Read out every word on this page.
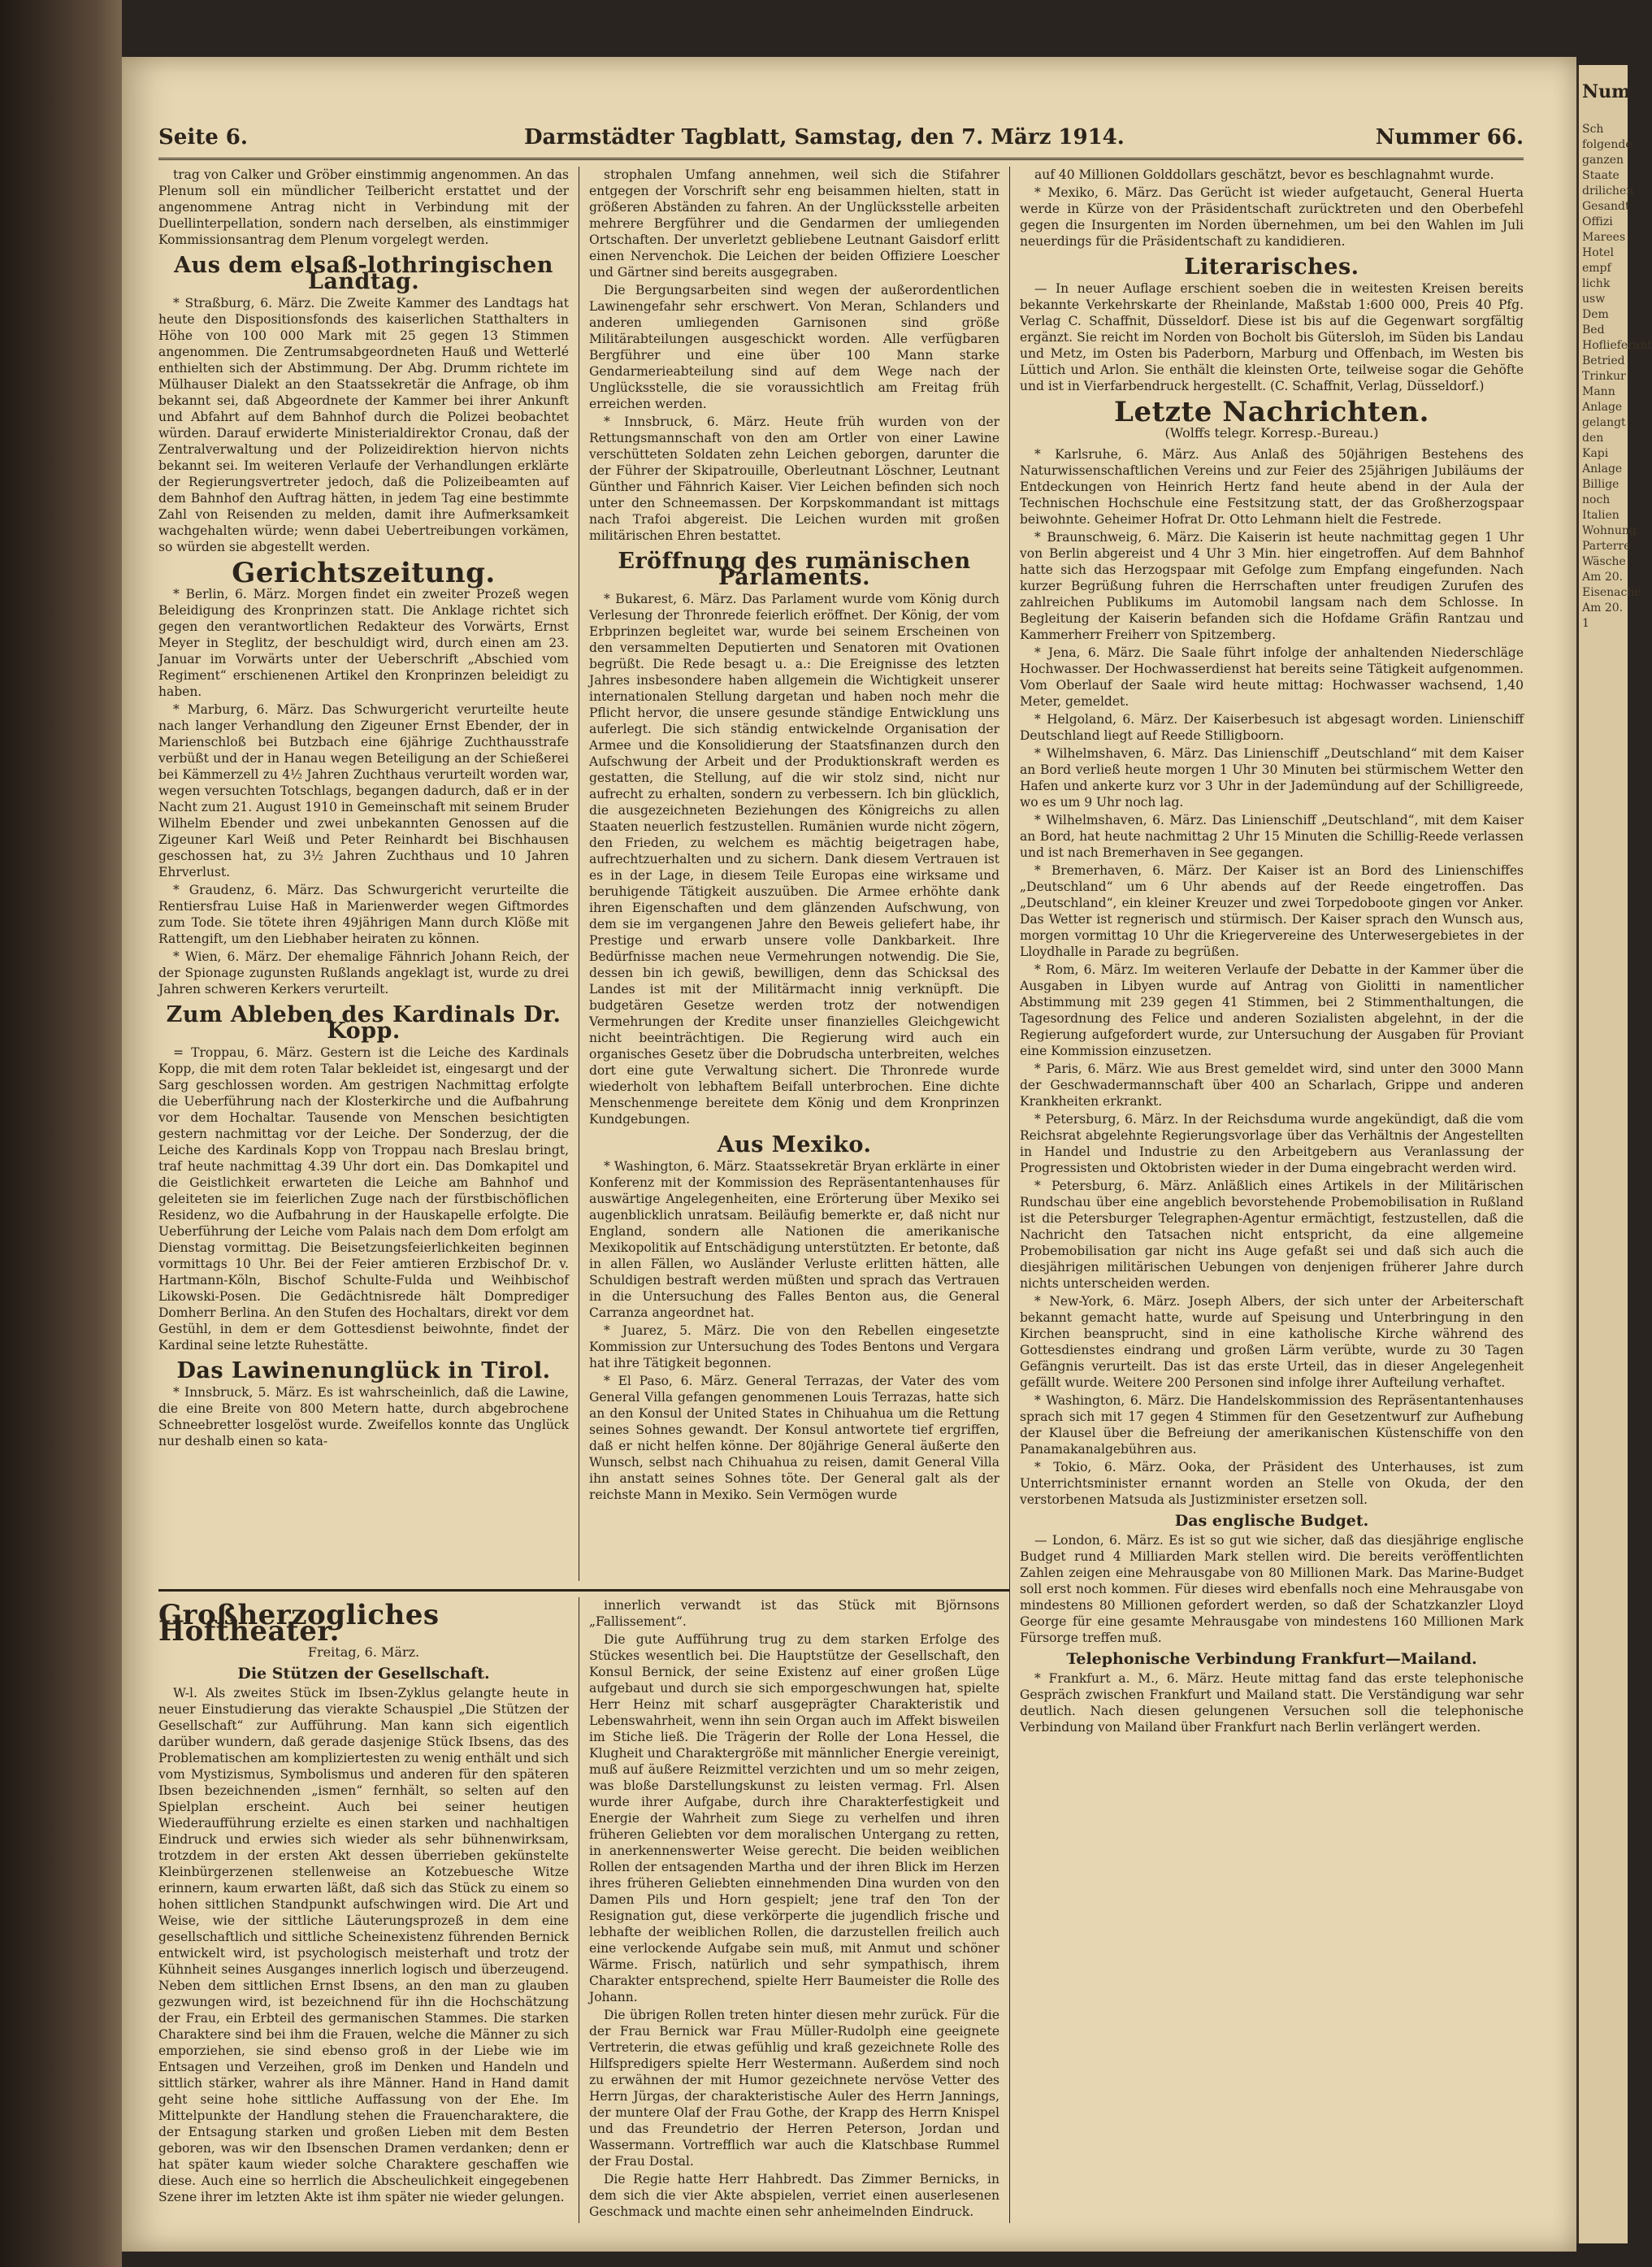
Seite 6.	Darmstädter Tagblatt, Samstag, den 7. März 1914.	Nummer 66.

trag von Calker und Gröber einstimmig angenommen. An das Plenum soll ein mündlicher Teilbericht erstattet und der angenommene Antrag nicht in Verbindung mit der Duellinterpellation, sondern nach derselben, als einstimmiger Kommissionsantrag dem Plenum vorgelegt werden.

Aus dem elsaß-lothringischen Landtag.

* Straßburg, 6. März. Die Zweite Kammer des Landtags hat heute den Dispositionsfonds des kaiserlichen Statthalters in Höhe von 100 000 Mark mit 25 gegen 13 Stimmen angenommen. Die Zentrumsabgeordneten Hauß und Wetterlé enthielten sich der Abstimmung. Der Abg. Drumm richtete im Mülhauser Dialekt an den Staatssekretär die Anfrage, ob ihm bekannt sei, daß Abgeordnete der Kammer bei ihrer Ankunft und Abfahrt auf dem Bahnhof durch die Polizei beobachtet würden. Darauf erwiderte Ministerialdirektor Cronau, daß der Zentralverwaltung und der Polizeidirektion hiervon nichts bekannt sei. Im weiteren Verlaufe der Verhandlungen erklärte der Regierungsvertreter jedoch, daß die Polizeibeamten auf dem Bahnhof den Auftrag hätten, in jedem Tag eine bestimmte Zahl von Reisenden zu melden, damit ihre Aufmerksamkeit wachgehalten würde; wenn dabei Uebertreibungen vorkämen, so würden sie abgestellt werden.

Gerichtszeitung.

* Berlin, 6. März. Morgen findet ein zweiter Prozeß wegen Beleidigung des Kronprinzen statt. Die Anklage richtet sich gegen den verantwortlichen Redakteur des Vorwärts, Ernst Meyer in Steglitz, der beschuldigt wird, durch einen am 23. Januar im Vorwärts unter der Ueberschrift „Abschied vom Regiment“ erschienenen Artikel den Kronprinzen beleidigt zu haben.

* Marburg, 6. März. Das Schwurgericht verurteilte heute nach langer Verhandlung den Zigeuner Ernst Ebender, der in Marienschloß bei Butzbach eine 6jährige Zuchthausstrafe verbüßt und der in Hanau wegen Beteiligung an der Schießerei bei Kämmerzell zu 4½ Jahren Zuchthaus verurteilt worden war, wegen versuchten Totschlags, begangen dadurch, daß er in der Nacht zum 21. August 1910 in Gemeinschaft mit seinem Bruder Wilhelm Ebender und zwei unbekannten Genossen auf die Zigeuner Karl Weiß und Peter Reinhardt bei Bischhausen geschossen hat, zu 3½ Jahren Zuchthaus und 10 Jahren Ehrverlust.

* Graudenz, 6. März. Das Schwurgericht verurteilte die Rentiersfrau Luise Haß in Marienwerder wegen Giftmordes zum Tode. Sie tötete ihren 49jährigen Mann durch Klöße mit Rattengift, um den Liebhaber heiraten zu können.

* Wien, 6. März. Der ehemalige Fähnrich Johann Reich, der der Spionage zugunsten Rußlands angeklagt ist, wurde zu drei Jahren schweren Kerkers verurteilt.

Zum Ableben des Kardinals Dr. Kopp.

= Troppau, 6. März. Gestern ist die Leiche des Kardinals Kopp, die mit dem roten Talar bekleidet ist, eingesargt und der Sarg geschlossen worden. Am gestrigen Nachmittag erfolgte die Ueberführung nach der Klosterkirche und die Aufbahrung vor dem Hochaltar. Tausende von Menschen besichtigten gestern nachmittag vor der Leiche. Der Sonderzug, der die Leiche des Kardinals Kopp von Troppau nach Breslau bringt, traf heute nachmittag 4.39 Uhr dort ein. Das Domkapitel und die Geistlichkeit erwarteten die Leiche am Bahnhof und geleiteten sie im feierlichen Zuge nach der fürstbischöflichen Residenz, wo die Aufbahrung in der Hauskapelle erfolgte. Die Ueberführung der Leiche vom Palais nach dem Dom erfolgt am Dienstag vormittag. Die Beisetzungsfeierlichkeiten beginnen vormittags 10 Uhr. Bei der Feier amtieren Erzbischof Dr. v. Hartmann-Köln, Bischof Schulte-Fulda und Weihbischof Likowski-Posen. Die Gedächtnisrede hält Domprediger Domherr Berlina. An den Stufen des Hochaltars, direkt vor dem Gestühl, in dem er dem Gottesdienst beiwohnte, findet der Kardinal seine letzte Ruhestätte.

Das Lawinenunglück in Tirol.

* Innsbruck, 5. März. Es ist wahrscheinlich, daß die Lawine, die eine Breite von 800 Metern hatte, durch abgebrochene Schneebretter losgelöst wurde. Zweifellos konnte das Unglück nur deshalb einen so kata-

strophalen Umfang annehmen, weil sich die Stifahrer entgegen der Vorschrift sehr eng beisammen hielten, statt in größeren Abständen zu fahren. An der Unglücksstelle arbeiten mehrere Bergführer und die Gendarmen der umliegenden Ortschaften. Der unverletzt gebliebene Leutnant Gaisdorf erlitt einen Nervenchok. Die Leichen der beiden Offiziere Loescher und Gärtner sind bereits ausgegraben.

Die Bergungsarbeiten sind wegen der außerordentlichen Lawinengefahr sehr erschwert. Von Meran, Schlanders und anderen umliegenden Garnisonen sind größe Militärabteilungen ausgeschickt worden. Alle verfügbaren Bergführer und eine über 100 Mann starke Gendarmerieabteilung sind auf dem Wege nach der Unglücksstelle, die sie voraussichtlich am Freitag früh erreichen werden.

* Innsbruck, 6. März. Heute früh wurden von der Rettungsmannschaft von den am Ortler von einer Lawine verschütteten Soldaten zehn Leichen geborgen, darunter die der Führer der Skipatrouille, Oberleutnant Löschner, Leutnant Günther und Fähnrich Kaiser. Vier Leichen befinden sich noch unter den Schneemassen. Der Korpskommandant ist mittags nach Trafoi abgereist. Die Leichen wurden mit großen militärischen Ehren bestattet.

Eröffnung des rumänischen Parlaments.

* Bukarest, 6. März. Das Parlament wurde vom König durch Verlesung der Thronrede feierlich eröffnet. Der König, der vom Erbprinzen begleitet war, wurde bei seinem Erscheinen von den versammelten Deputierten und Senatoren mit Ovationen begrüßt. Die Rede besagt u. a.: Die Ereignisse des letzten Jahres insbesondere haben allgemein die Wichtigkeit unserer internationalen Stellung dargetan und haben noch mehr die Pflicht hervor, die unsere gesunde ständige Entwicklung uns auferlegt. Die sich ständig entwickelnde Organisation der Armee und die Konsolidierung der Staatsfinanzen durch den Aufschwung der Arbeit und der Produktionskraft werden es gestatten, die Stellung, auf die wir stolz sind, nicht nur aufrecht zu erhalten, sondern zu verbessern. Ich bin glücklich, die ausgezeichneten Beziehungen des Königreichs zu allen Staaten neuerlich festzustellen. Rumänien wurde nicht zögern, den Frieden, zu welchem es mächtig beigetragen habe, aufrechtzuerhalten und zu sichern. Dank diesem Vertrauen ist es in der Lage, in diesem Teile Europas eine wirksame und beruhigende Tätigkeit auszuüben. Die Armee erhöhte dank ihren Eigenschaften und dem glänzenden Aufschwung, von dem sie im vergangenen Jahre den Beweis geliefert habe, ihr Prestige und erwarb unsere volle Dankbarkeit. Ihre Bedürfnisse machen neue Vermehrungen notwendig. Die Sie, dessen bin ich gewiß, bewilligen, denn das Schicksal des Landes ist mit der Militärmacht innig verknüpft. Die budgetären Gesetze werden trotz der notwendigen Vermehrungen der Kredite unser finanzielles Gleichgewicht nicht beeinträchtigen. Die Regierung wird auch ein organisches Gesetz über die Dobrudscha unterbreiten, welches dort eine gute Verwaltung sichert. Die Thronrede wurde wiederholt von lebhaftem Beifall unterbrochen. Eine dichte Menschenmenge bereitete dem König und dem Kronprinzen Kundgebungen.

Aus Mexiko.

* Washington, 6. März. Staatssekretär Bryan erklärte in einer Konferenz mit der Kommission des Repräsentantenhauses für auswärtige Angelegenheiten, eine Erörterung über Mexiko sei augenblicklich unratsam. Beiläufig bemerkte er, daß nicht nur England, sondern alle Nationen die amerikanische Mexikopolitik auf Entschädigung unterstützten. Er betonte, daß in allen Fällen, wo Ausländer Verluste erlitten hätten, alle Schuldigen bestraft werden müßten und sprach das Vertrauen in die Untersuchung des Falles Benton aus, die General Carranza angeordnet hat.

* Juarez, 5. März. Die von den Rebellen eingesetzte Kommission zur Untersuchung des Todes Bentons und Vergara hat ihre Tätigkeit begonnen.

* El Paso, 6. März. General Terrazas, der Vater des vom General Villa gefangen genommenen Louis Terrazas, hatte sich an den Konsul der United States in Chihuahua um die Rettung seines Sohnes gewandt. Der Konsul antwortete tief ergriffen, daß er nicht helfen könne. Der 80jährige General äußerte den Wunsch, selbst nach Chihuahua zu reisen, damit General Villa ihn anstatt seines Sohnes töte. Der General galt als der reichste Mann in Mexiko. Sein Vermögen wurde

auf 40 Millionen Golddollars geschätzt, bevor es beschlagnahmt wurde.

* Mexiko, 6. März. Das Gerücht ist wieder aufgetaucht, General Huerta werde in Kürze von der Präsidentschaft zurücktreten und den Oberbefehl gegen die Insurgenten im Norden übernehmen, um bei den Wahlen im Juli neuerdings für die Präsidentschaft zu kandidieren.

Literarisches.

— In neuer Auflage erschient soeben die in weitesten Kreisen bereits bekannte Verkehrskarte der Rheinlande, Maßstab 1:600 000, Preis 40 Pfg. Verlag C. Schaffnit, Düsseldorf. Diese ist bis auf die Gegenwart sorgfältig ergänzt. Sie reicht im Norden von Bocholt bis Gütersloh, im Süden bis Landau und Metz, im Osten bis Paderborn, Marburg und Offenbach, im Westen bis Lüttich und Arlon. Sie enthält die kleinsten Orte, teilweise sogar die Gehöfte und ist in Vierfarbendruck hergestellt. (C. Schaffnit, Verlag, Düsseldorf.)

Letzte Nachrichten.
(Wolffs telegr. Korresp.-Bureau.)

* Karlsruhe, 6. März. Aus Anlaß des 50jährigen Bestehens des Naturwissenschaftlichen Vereins und zur Feier des 25jährigen Jubiläums der Entdeckungen von Heinrich Hertz fand heute abend in der Aula der Technischen Hochschule eine Festsitzung statt, der das Großherzogspaar beiwohnte. Geheimer Hofrat Dr. Otto Lehmann hielt die Festrede.

* Braunschweig, 6. März. Die Kaiserin ist heute nachmittag gegen 1 Uhr von Berlin abgereist und 4 Uhr 3 Min. hier eingetroffen. Auf dem Bahnhof hatte sich das Herzogspaar mit Gefolge zum Empfang eingefunden. Nach kurzer Begrüßung fuhren die Herrschaften unter freudigen Zurufen des zahlreichen Publikums im Automobil langsam nach dem Schlosse. In Begleitung der Kaiserin befanden sich die Hofdame Gräfin Rantzau und Kammerherr Freiherr von Spitzemberg.

* Jena, 6. März. Die Saale führt infolge der anhaltenden Niederschläge Hochwasser. Der Hochwasserdienst hat bereits seine Tätigkeit aufgenommen. Vom Oberlauf der Saale wird heute mittag: Hochwasser wachsend, 1,40 Meter, gemeldet.

* Helgoland, 6. März. Der Kaiserbesuch ist abgesagt worden. Linienschiff Deutschland liegt auf Reede Stilligboorn.

* Wilhelmshaven, 6. März. Das Linienschiff „Deutschland“ mit dem Kaiser an Bord verließ heute morgen 1 Uhr 30 Minuten bei stürmischem Wetter den Hafen und ankerte kurz vor 3 Uhr in der Jademündung auf der Schilligreede, wo es um 9 Uhr noch lag.

* Wilhelmshaven, 6. März. Das Linienschiff „Deutschland“, mit dem Kaiser an Bord, hat heute nachmittag 2 Uhr 15 Minuten die Schillig-Reede verlassen und ist nach Bremerhaven in See gegangen.

* Bremerhaven, 6. März. Der Kaiser ist an Bord des Linienschiffes „Deutschland“ um 6 Uhr abends auf der Reede eingetroffen. Das „Deutschland“, ein kleiner Kreuzer und zwei Torpedoboote gingen vor Anker. Das Wetter ist regnerisch und stürmisch. Der Kaiser sprach den Wunsch aus, morgen vormittag 10 Uhr die Kriegervereine des Unterwesergebietes in der Lloydhalle in Parade zu begrüßen.

* Rom, 6. März. Im weiteren Verlaufe der Debatte in der Kammer über die Ausgaben in Libyen wurde auf Antrag von Giolitti in namentlicher Abstimmung mit 239 gegen 41 Stimmen, bei 2 Stimmenthaltungen, die Tagesordnung des Felice und anderen Sozialisten abgelehnt, in der die Regierung aufgefordert wurde, zur Untersuchung der Ausgaben für Proviant eine Kommission einzusetzen.

* Paris, 6. März. Wie aus Brest gemeldet wird, sind unter den 3000 Mann der Geschwadermannschaft über 400 an Scharlach, Grippe und anderen Krankheiten erkrankt.

* Petersburg, 6. März. In der Reichsduma wurde angekündigt, daß die vom Reichsrat abgelehnte Regierungsvorlage über das Verhältnis der Angestellten in Handel und Industrie zu den Arbeitgebern aus Veranlassung der Progressisten und Oktobristen wieder in der Duma eingebracht werden wird.

* Petersburg, 6. März. Anläßlich eines Artikels in der Militärischen Rundschau über eine angeblich bevorstehende Probemobilisation in Rußland ist die Petersburger Telegraphen-Agentur ermächtigt, festzustellen, daß die Nachricht den Tatsachen nicht entspricht, da eine allgemeine Probemobilisation gar nicht ins Auge gefaßt sei und daß sich auch die diesjährigen militärischen Uebungen von denjenigen früherer Jahre durch nichts unterscheiden werden.

* New-York, 6. März. Joseph Albers, der sich unter der Arbeiterschaft bekannt gemacht hatte, wurde auf Speisung und Unterbringung in den Kirchen beansprucht, sind in eine katholische Kirche während des Gottesdienstes eindrang und großen Lärm verübte, wurde zu 30 Tagen Gefängnis verurteilt. Das ist das erste Urteil, das in dieser Angelegenheit gefällt wurde. Weitere 200 Personen sind infolge ihrer Aufteilung verhaftet.

* Washington, 6. März. Die Handelskommission des Repräsentantenhauses sprach sich mit 17 gegen 4 Stimmen für den Gesetzentwurf zur Aufhebung der Klausel über die Befreiung der amerikanischen Küstenschiffe von den Panamakanalgebühren aus.

* Tokio, 6. März. Ooka, der Präsident des Unterhauses, ist zum Unterrichtsminister ernannt worden an Stelle von Okuda, der den verstorbenen Matsuda als Justizminister ersetzen soll.

Das englische Budget.

— London, 6. März. Es ist so gut wie sicher, daß das diesjährige englische Budget rund 4 Milliarden Mark stellen wird. Die bereits veröffentlichten Zahlen zeigen eine Mehrausgabe von 80 Millionen Mark. Das Marine-Budget soll erst noch kommen. Für dieses wird ebenfalls noch eine Mehrausgabe von mindestens 80 Millionen gefordert werden, so daß der Schatzkanzler Lloyd George für eine gesamte Mehrausgabe von mindestens 160 Millionen Mark Fürsorge treffen muß.

Telephonische Verbindung Frankfurt—Mailand.

* Frankfurt a. M., 6. März. Heute mittag fand das erste telephonische Gespräch zwischen Frankfurt und Mailand statt. Die Verständigung war sehr deutlich. Nach diesen gelungenen Versuchen soll die telephonische Verbindung von Mailand über Frankfurt nach Berlin verlängert werden.

Großherzogliches Hoftheater.
Freitag, 6. März.
Die Stützen der Gesellschaft.

W-l. Als zweites Stück im Ibsen-Zyklus gelangte heute in neuer Einstudierung das vierakte Schauspiel „Die Stützen der Gesellschaft“ zur Aufführung. Man kann sich eigentlich darüber wundern, daß gerade dasjenige Stück Ibsens, das des Problematischen am kompliziertesten zu wenig enthält und sich vom Mystizismus, Symbolismus und anderen für den späteren Ibsen bezeichnenden „ismen“ fernhält, so selten auf den Spielplan erscheint. Auch bei seiner heutigen Wiederaufführung erzielte es einen starken und nachhaltigen Eindruck und erwies sich wieder als sehr bühnenwirksam, trotzdem in der ersten Akt dessen überrieben gekünstelte Kleinbürgerzenen stellenweise an Kotzebuesche Witze erinnern, kaum erwarten läßt, daß sich das Stück zu einem so hohen sittlichen Standpunkt aufschwingen wird. Die Art und Weise, wie der sittliche Läuterungsprozeß in dem eine gesellschaftlich und sittliche Scheinexistenz führenden Bernick entwickelt wird, ist psychologisch meisterhaft und trotz der Kühnheit seines Ausganges innerlich logisch und überzeugend. Neben dem sittlichen Ernst Ibsens, an den man zu glauben gezwungen wird, ist bezeichnend für ihn die Hochschätzung der Frau, ein Erbteil des germanischen Stammes. Die starken Charaktere sind bei ihm die Frauen, welche die Männer zu sich emporziehen, sie sind ebenso groß in der Liebe wie im Entsagen und Verzeihen, groß im Denken und Handeln und sittlich stärker, wahrer als ihre Männer. Hand in Hand damit geht seine hohe sittliche Auffassung von der Ehe. Im Mittelpunkte der Handlung stehen die Frauencharaktere, die der Entsagung starken und großen Lieben mit dem Besten geboren, was wir den Ibsenschen Dramen verdanken; denn er hat später kaum wieder solche Charaktere geschaffen wie diese. Auch eine so herrlich die Abscheulichkeit eingegebenen Szene ihrer im letzten Akte ist ihm später nie wieder gelungen.

innerlich verwandt ist das Stück mit Björnsons „Fallissement“.

Die gute Aufführung trug zu dem starken Erfolge des Stückes wesentlich bei. Die Hauptstütze der Gesellschaft, den Konsul Bernick, der seine Existenz auf einer großen Lüge aufgebaut und durch sie sich emporgeschwungen hat, spielte Herr Heinz mit scharf ausgeprägter Charakteristik und Lebenswahrheit, wenn ihn sein Organ auch im Affekt bisweilen im Stiche ließ. Die Trägerin der Rolle der Lona Hessel, die Klugheit und Charaktergröße mit männlicher Energie vereinigt, muß auf äußere Reizmittel verzichten und um so mehr zeigen, was bloße Darstellungskunst zu leisten vermag. Frl. Alsen wurde ihrer Aufgabe, durch ihre Charakterfestigkeit und Energie der Wahrheit zum Siege zu verhelfen und ihren früheren Geliebten vor dem moralischen Untergang zu retten, in anerkennenswerter Weise gerecht. Die beiden weiblichen Rollen der entsagenden Martha und der ihren Blick im Herzen ihres früheren Geliebten einnehmenden Dina wurden von den Damen Pils und Horn gespielt; jene traf den Ton der Resignation gut, diese verkörperte die jugendlich frische und lebhafte der weiblichen Rollen, die darzustellen freilich auch eine verlockende Aufgabe sein muß, mit Anmut und schöner Wärme. Frisch, natürlich und sehr sympathisch, ihrem Charakter entsprechend, spielte Herr Baumeister die Rolle des Johann.

Die übrigen Rollen treten hinter diesen mehr zurück. Für die der Frau Bernick war Frau Müller-Rudolph eine geeignete Vertreterin, die etwas gefühlig und kraß gezeichnete Rolle des Hilfspredigers spielte Herr Westermann. Außerdem sind noch zu erwähnen der mit Humor gezeichnete nervöse Vetter des Herrn Jürgas, der charakteristische Auler des Herrn Jannings, der muntere Olaf der Frau Gothe, der Krapp des Herrn Knispel und das Freundetrio der Herren Peterson, Jordan und Wassermann. Vortrefflich war auch die Klatschbase Rummel der Frau Dostal.

Die Regie hatte Herr Hahbredt. Das Zimmer Bernicks, in dem sich die vier Akte abspielen, verriet einen auserlesenen Geschmack und machte einen sehr anheimelnden Eindruck.

Num
Sch folgende ganzen Staate drilichen Gesandt Offizi Marees Hotel empf lichk usw Dem Bed Hoflieferant Betried Trinkur Mann Anlage gelangt den Kapi Anlage Billige noch Italien Wohnung Parterre Wäsche Am 20. Eisenache Am 20. 1
